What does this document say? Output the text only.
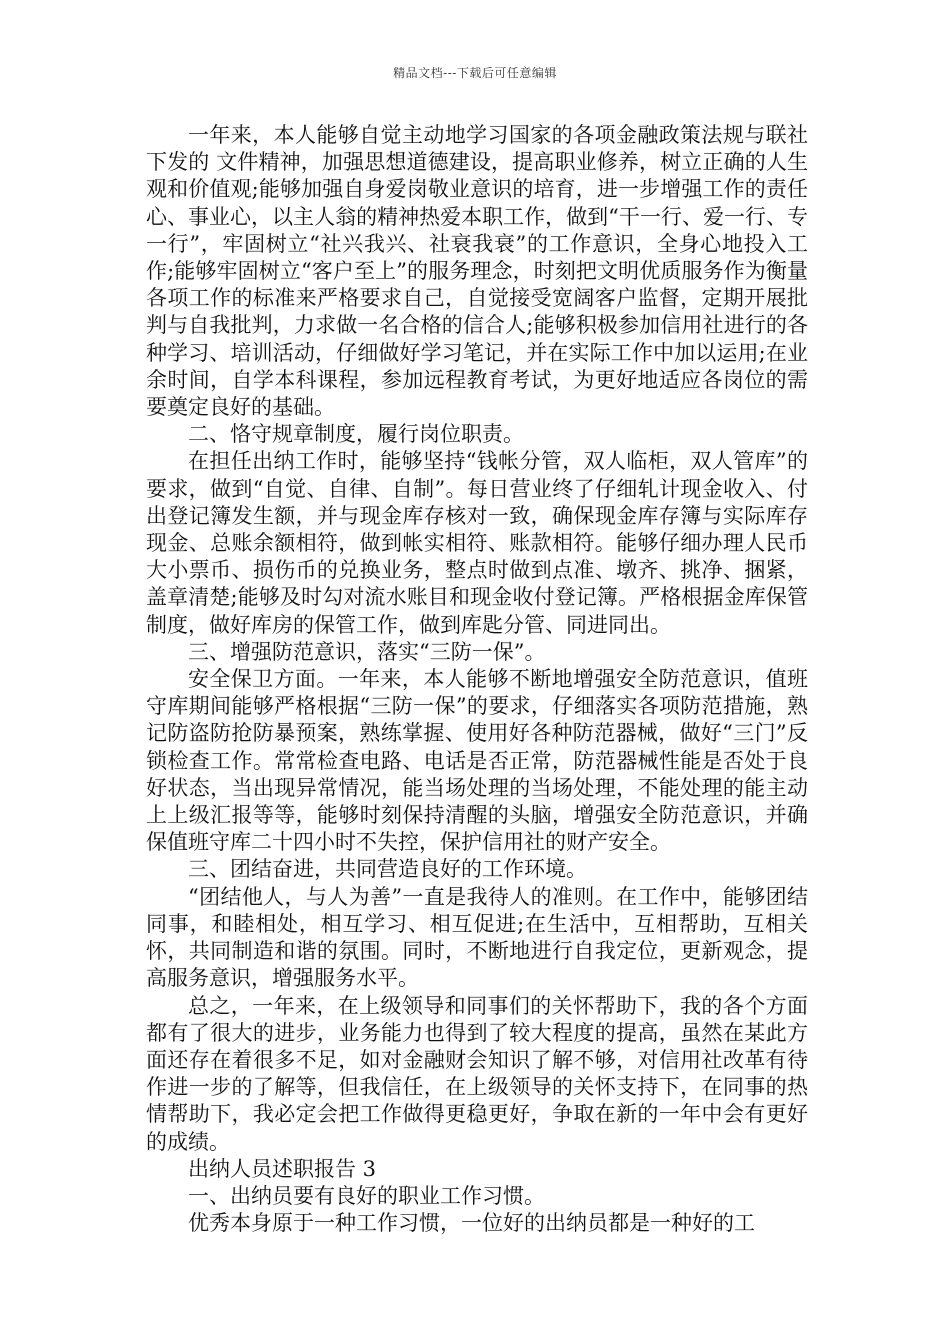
精品文档---下载后可任意编辑

一年来，本人能够自觉主动地学习国家的各项金融政策法规与联社下发的 文件精神，加强思想道德建设，提高职业修养，树立正确的人生观和价值观;能够加强自身爱岗敬业意识的培育，进一步增强工作的责任心、事业心，以主人翁的精神热爱本职工作，做到“干一行、爱一行、专一行”，牢固树立“社兴我兴、社衰我衰”的工作意识，全身心地投入工作;能够牢固树立“客户至上”的服务理念，时刻把文明优质服务作为衡量各项工作的标准来严格要求自己，自觉接受宽阔客户监督，定期开展批判与自我批判，力求做一名合格的信合人;能够积极参加信用社进行的各种学习、培训活动，仔细做好学习笔记，并在实际工作中加以运用;在业余时间，自学本科课程，参加远程教育考试，为更好地适应各岗位的需要奠定良好的基础。

二、恪守规章制度，履行岗位职责。

在担任出纳工作时，能够坚持“钱帐分管，双人临柜，双人管库”的要求，做到“自觉、自律、自制”。每日营业终了仔细轧计现金收入、付出登记簿发生额，并与现金库存核对一致，确保现金库存簿与实际库存现金、总账余额相符，做到帐实相符、账款相符。能够仔细办理人民币大小票币、损伤币的兑换业务，整点时做到点准、墩齐、挑净、捆紧，盖章清楚;能够及时勾对流水账目和现金收付登记簿。严格根据金库保管制度，做好库房的保管工作，做到库匙分管、同进同出。

三、增强防范意识，落实“三防一保”。

安全保卫方面。一年来，本人能够不断地增强安全防范意识，值班守库期间能够严格根据“三防一保”的要求，仔细落实各项防范措施，熟记防盗防抢防暴预案，熟练掌握、使用好各种防范器械，做好“三门”反锁检查工作。常常检查电路、电话是否正常，防范器械性能是否处于良好状态，当出现异常情况，能当场处理的当场处理，不能处理的能主动上上级汇报等等，能够时刻保持清醒的头脑，增强安全防范意识，并确保值班守库二十四小时不失控，保护信用社的财产安全。

三、团结奋进，共同营造良好的工作环境。

“团结他人，与人为善”一直是我待人的准则。在工作中，能够团结同事，和睦相处，相互学习、相互促进;在生活中，互相帮助，互相关怀，共同制造和谐的氛围。同时，不断地进行自我定位，更新观念，提高服务意识，增强服务水平。

总之，一年来，在上级领导和同事们的关怀帮助下，我的各个方面都有了很大的进步，业务能力也得到了较大程度的提高，虽然在某此方面还存在着很多不足，如对金融财会知识了解不够，对信用社改革有待作进一步的了解等，但我信任，在上级领导的关怀支持下，在同事的热情帮助下，我必定会把工作做得更稳更好，争取在新的一年中会有更好的成绩。

出纳人员述职报告 3

一、出纳员要有良好的职业工作习惯。

优秀本身原于一种工作习惯，一位好的出纳员都是一种好的工
